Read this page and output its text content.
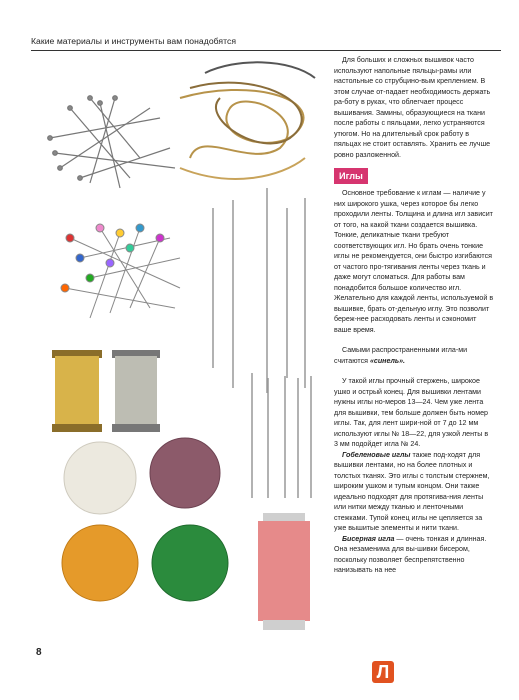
Какие материалы и инструменты вам понадобятся

Для больших и сложных вышивок часто используют напольные пяльцы-рамы или настольные со струбцино-вым креплением. В этом случае от-падает необходимость держать ра-боту в руках, что облегчает процесс вышивания. Замины, образующиеся на ткани после работы с пяльцами, легко устраняются утюгом. Но на длительный срок работу в пяльцах не стоит оставлять. Хранить ее лучше ровно разложенной.

Иглы

Основное требование к иглам — наличие у них широкого ушка, через которое бы легко проходили ленты. Толщина и длина игл зависит от того, на какой ткани создается вышивка. Тонкие, деликатные ткани требуют соответствующих игл. Но брать очень тонкие иглы не рекомендуется, они быстро изгибаются от частого про-тягивания ленты через ткань и даже могут сломаться. Для работы вам понадобится большое количество игл. Желательно для каждой ленты, используемой в вышивке, брать от-дельную иглу. Это позволит береж-нее расходовать ленты и сэкономит ваше время.

Самыми распространенными игла-ми считаются «синель».

У такой иглы прочный стержень, широкое ушко и острый конец. Для вышивки лентами нужны иглы но-меров 13—24. Чем уже лента для вышивки, тем больше должен быть номер иглы. Так, для лент шири-ной от 7 до 12 мм используют иглы № 18—22, для узкой ленты в 3 мм подойдет игла № 24.

Гобеленовые иглы также под-ходят для вышивки лентами, но на более плотных и толстых тканях. Это иглы с толстым стержнем, широким ушком и тупым концом. Они также идеально подходят для протягива-ния ленты или нитки между тканью и ленточными стежками. Тупой конец иглы не цепляется за уже вышитые элементы и нити ткани.

Бисерная игла — очень тонкая и длинная. Она незаменима для вы-шивки бисером, поскольку позволяет беспрепятственно нанизывать на нее

8
Л
